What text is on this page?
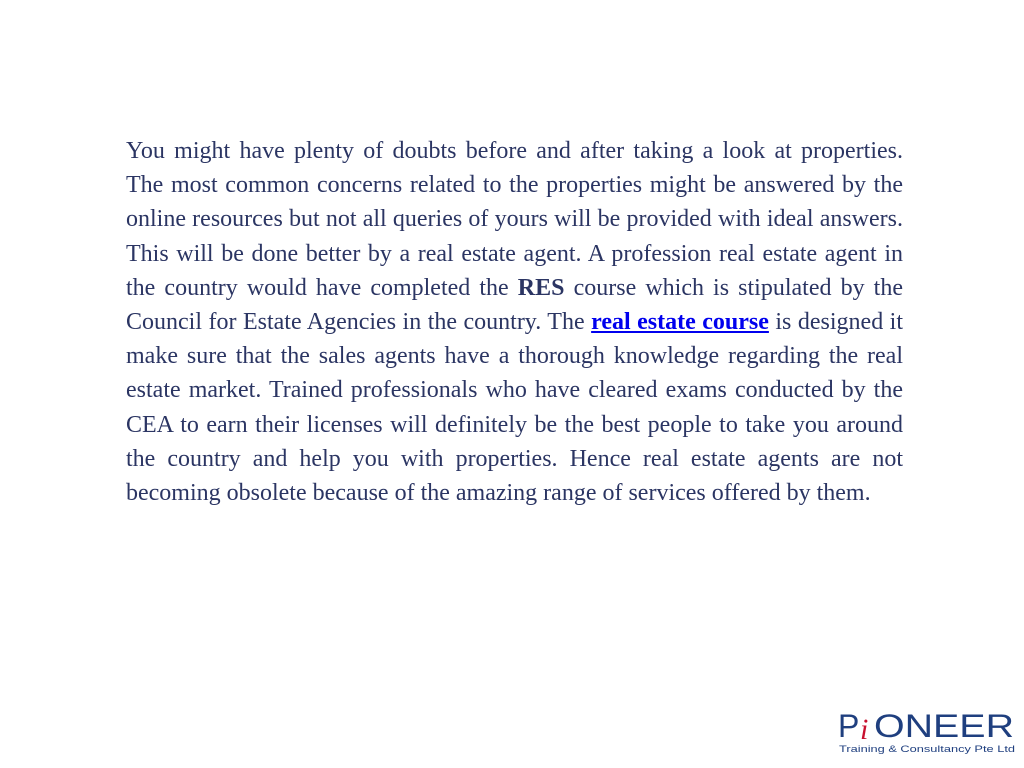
You might have plenty of doubts before and after taking a look at properties. The most common concerns related to the properties might be answered by the online resources but not all queries of yours will be provided with ideal answers. This will be done better by a real estate agent. A profession real estate agent in the country would have completed the RES course which is stipulated by the Council for Estate Agencies in the country. The real estate course is designed it make sure that the sales agents have a thorough knowledge regarding the real estate market. Trained professionals who have cleared exams conducted by the CEA to earn their licenses will definitely be the best people to take you around the country and help you with properties. Hence real estate agents are not becoming obsolete because of the amazing range of services offered by them.

P i ONEER
Training & Consultancy Pte Ltd
